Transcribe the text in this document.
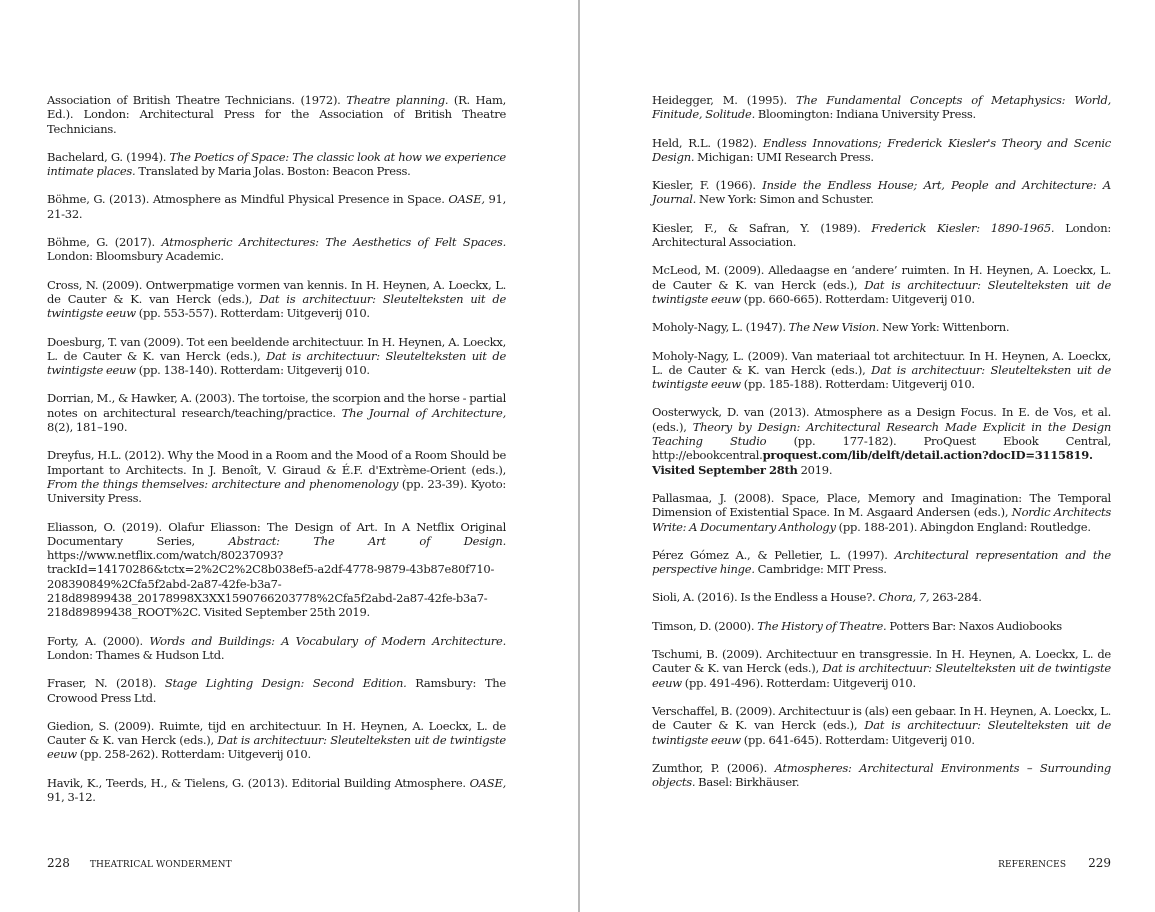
Association of British Theatre Technicians. (1972). Theatre planning. (R. Ham, Ed.). London: Architectural Press for the Association of British Theatre Technicians.

Bachelard, G. (1994). The Poetics of Space: The classic look at how we experience intimate places. Translated by Maria Jolas. Boston: Beacon Press.

Böhme, G. (2013). Atmosphere as Mindful Physical Presence in Space. OASE, 91, 21-32.

Böhme, G. (2017). Atmospheric Architectures: The Aesthetics of Felt Spaces. London: Bloomsbury Academic.

Cross, N. (2009). Ontwerpmatige vormen van kennis. In H. Heynen, A. Loeckx, L. de Cauter & K. van Herck (eds.), Dat is architectuur: Sleutelteksten uit de twintigste eeuw (pp. 553-557). Rotterdam: Uitgeverij 010.

Doesburg, T. van (2009). Tot een beeldende architectuur. In H. Heynen, A. Loeckx, L. de Cauter & K. van Herck (eds.), Dat is architectuur: Sleutelteksten uit de twintigste eeuw (pp. 138-140). Rotterdam: Uitgeverij 010.

Dorrian, M., & Hawker, A. (2003). The tortoise, the scorpion and the horse - partial notes on architectural research/teaching/practice. The Journal of Architecture, 8(2), 181–190.

Dreyfus, H.L. (2012). Why the Mood in a Room and the Mood of a Room Should be Important to Architects. In J. Benoît, V. Giraud & É.F. d'Extrème-Orient (eds.), From the things themselves: architecture and phenomenology (pp. 23-39). Kyoto: University Press.

Eliasson, O. (2019). Olafur Eliasson: The Design of Art. In A Netflix Original Documentary Series, Abstract: The Art of Design. https://www.netflix.com/watch/80237093?trackId=14170286&tctx=2%2C2%2C8b038ef5-a2df-4778-9879-43b87e80f710-208390849%2Cfa5f2abd-2a87-42fe-b3a7-218d89899438_20178998X3XX1590766203778%2Cfa5f2abd-2a87-42fe-b3a7-218d89899438_ROOT%2C. Visited September 25th 2019.

Forty, A. (2000). Words and Buildings: A Vocabulary of Modern Architecture. London: Thames & Hudson Ltd.

Fraser, N. (2018). Stage Lighting Design: Second Edition. Ramsbury: The Crowood Press Ltd.

Giedion, S. (2009). Ruimte, tijd en architectuur. In H. Heynen, A. Loeckx, L. de Cauter & K. van Herck (eds.), Dat is architectuur: Sleutelteksten uit de twintigste eeuw (pp. 258-262). Rotterdam: Uitgeverij 010.

Havik, K., Teerds, H., & Tielens, G. (2013). Editorial Building Atmosphere. OASE, 91, 3-12.

228 THEATRICAL WONDERMENT

Heidegger, M. (1995). The Fundamental Concepts of Metaphysics: World, Finitude, Solitude. Bloomington: Indiana University Press.

Held, R.L. (1982). Endless Innovations; Frederick Kiesler's Theory and Scenic Design. Michigan: UMI Research Press.

Kiesler, F. (1966). Inside the Endless House; Art, People and Architecture: A Journal. New York: Simon and Schuster.

Kiesler, F., & Safran, Y. (1989). Frederick Kiesler: 1890-1965. London: Architectural Association.

McLeod, M. (2009). Alledaagse en ‘andere’ ruimten. In H. Heynen, A. Loeckx, L. de Cauter & K. van Herck (eds.), Dat is architectuur: Sleutelteksten uit de twintigste eeuw (pp. 660-665). Rotterdam: Uitgeverij 010.

Moholy-Nagy, L. (1947). The New Vision. New York: Wittenborn.

Moholy-Nagy, L. (2009). Van materiaal tot architectuur. In H. Heynen, A. Loeckx, L. de Cauter & K. van Herck (eds.), Dat is architectuur: Sleutelteksten uit de twintigste eeuw (pp. 185-188). Rotterdam: Uitgeverij 010.

Oosterwyck, D. van (2013). Atmosphere as a Design Focus. In E. de Vos, et al. (eds.), Theory by Design: Architectural Research Made Explicit in the Design Teaching Studio (pp. 177-182). ProQuest Ebook Central, http://ebookcentral.proquest.com/lib/delft/detail.action?docID=3115819. Visited September 28th 2019.

Pallasmaa, J. (2008). Space, Place, Memory and Imagination: The Temporal Dimension of Existential Space. In M. Asgaard Andersen (eds.), Nordic Architects Write: A Documentary Anthology (pp. 188-201). Abingdon England: Routledge.

Pérez Gómez A., & Pelletier, L. (1997). Architectural representation and the perspective hinge. Cambridge: MIT Press.

Sioli, A. (2016). Is the Endless a House?. Chora, 7, 263-284.

Timson, D. (2000). The History of Theatre. Potters Bar: Naxos Audiobooks

Tschumi, B. (2009). Architectuur en transgressie. In H. Heynen, A. Loeckx, L. de Cauter & K. van Herck (eds.), Dat is architectuur: Sleutelteksten uit de twintigste eeuw (pp. 491-496). Rotterdam: Uitgeverij 010.

Verschaffel, B. (2009). Architectuur is (als) een gebaar. In H. Heynen, A. Loeckx, L. de Cauter & K. van Herck (eds.), Dat is architectuur: Sleutelteksten uit de twintigste eeuw (pp. 641-645). Rotterdam: Uitgeverij 010.

Zumthor, P. (2006). Atmospheres: Architectural Environments – Surrounding objects. Basel: Birkhäuser.

REFERENCES 229
